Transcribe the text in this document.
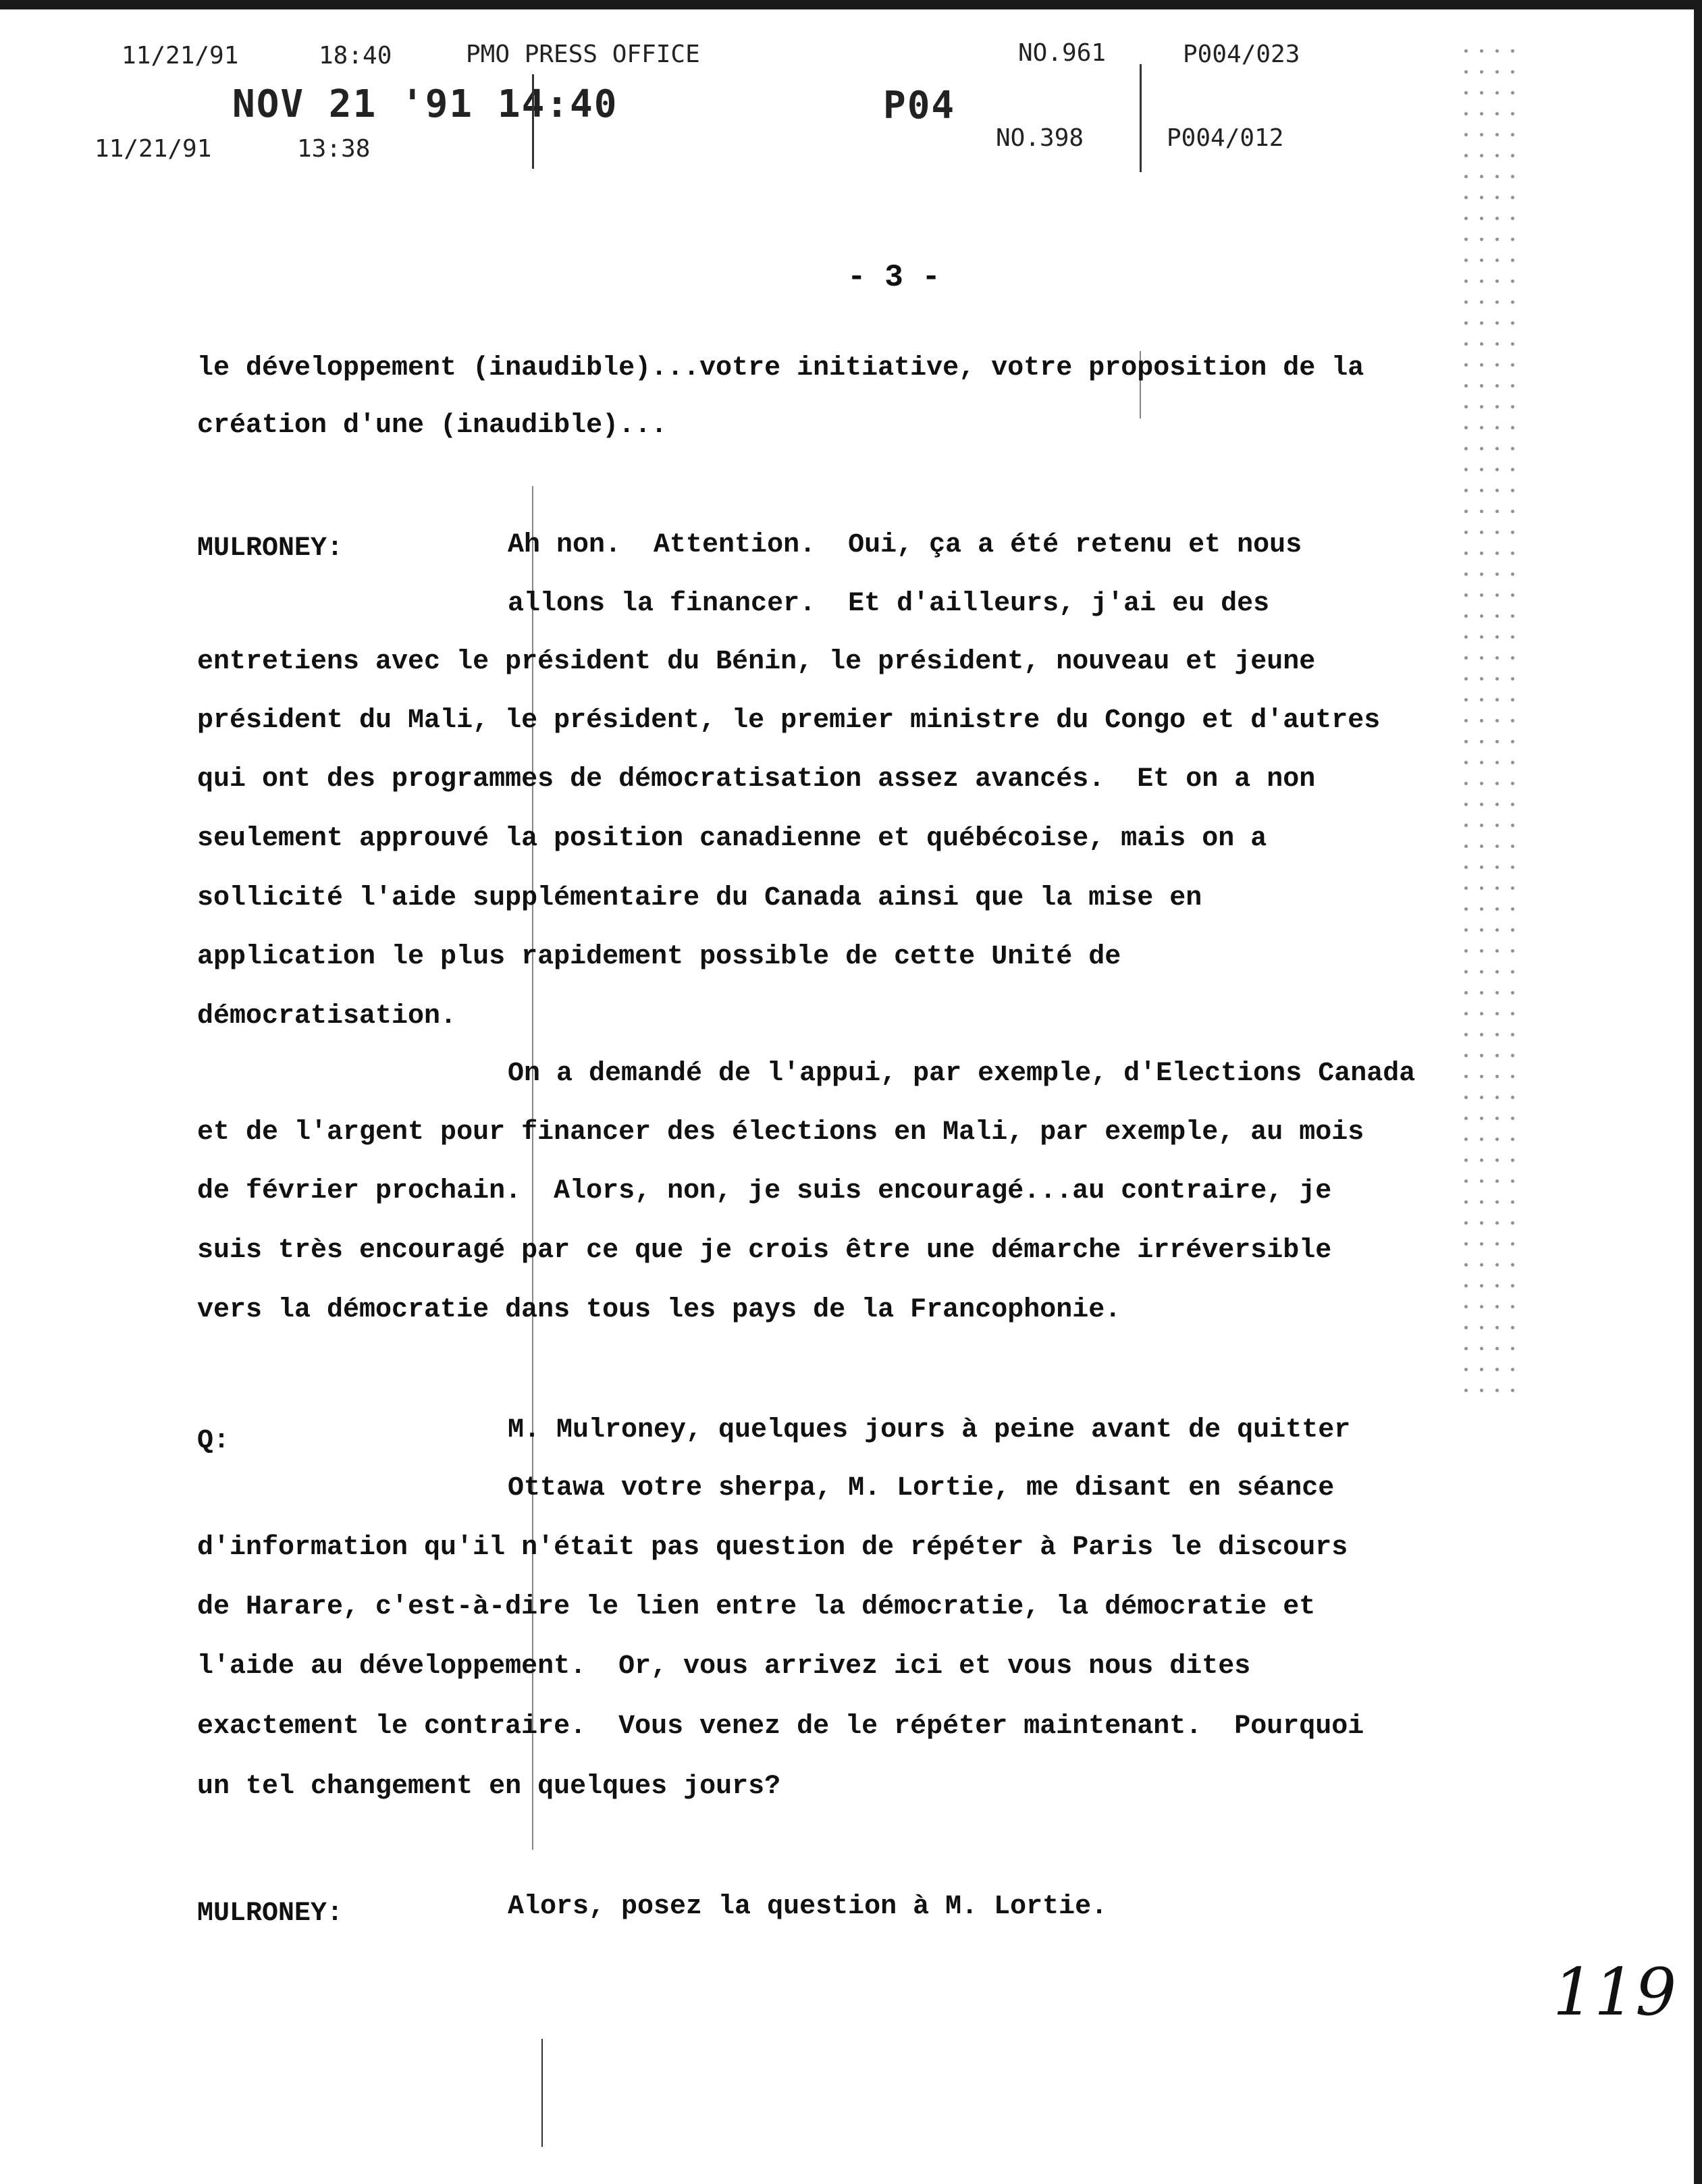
11/21/91	18:40	PMO PRESS OFFICE	NO.961	P004/023
NOV 21 '91 14:40	P04
11/21/91	13:38	NO.398	P004/012
- 3 -
le développement (inaudible)...votre initiative, votre proposition de la
création d'une (inaudible)...
MULRONEY:	Ah non.  Attention.  Oui, ça a été retenu et nous
allons la financer.  Et d'ailleurs, j'ai eu des
entretiens avec le président du Bénin, le président, nouveau et jeune
président du Mali, le président, le premier ministre du Congo et d'autres
qui ont des programmes de démocratisation assez avancés.  Et on a non
seulement approuvé la position canadienne et québécoise, mais on a
sollicité l'aide supplémentaire du Canada ainsi que la mise en
application le plus rapidement possible de cette Unité de
démocratisation.
On a demandé de l'appui, par exemple, d'Elections Canada
et de l'argent pour financer des élections en Mali, par exemple, au mois
de février prochain.  Alors, non, je suis encouragé...au contraire, je
suis très encouragé par ce que je crois être une démarche irréversible
vers la démocratie dans tous les pays de la Francophonie.
Q:	M. Mulroney, quelques jours à peine avant de quitter
Ottawa votre sherpa, M. Lortie, me disant en séance
d'information qu'il n'était pas question de répéter à Paris le discours
de Harare, c'est-à-dire le lien entre la démocratie, la démocratie et
l'aide au développement.  Or, vous arrivez ici et vous nous dites
exactement le contraire.  Vous venez de le répéter maintenant.  Pourquoi
un tel changement en quelques jours?
MULRONEY:	Alors, posez la question à M. Lortie.
119
